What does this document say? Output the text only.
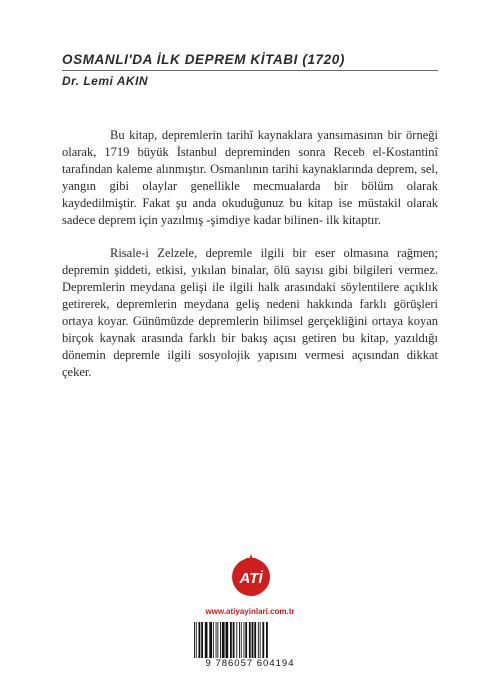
OSMANLI'DA İLK DEPREM KİTABI (1720)
Dr. Lemi AKIN

Bu kitap, depremlerin tarihî kaynaklara yansımasının bir örneği olarak, 1719 büyük İstanbul depreminden sonra Receb el-Kostantinî tarafından kaleme alınmıştır. Osmanlının tarihi kaynaklarında deprem, sel, yangın gibi olaylar genellikle mecmualarda bir bölüm olarak kaydedilmiştir. Fakat şu anda okuduğunuz bu kitap ise müstakil olarak sadece deprem için yazılmış -şimdiye kadar bilinen- ilk kitaptır.

Risale-i Zelzele, depremle ilgili bir eser olmasına rağmen; depremin şiddeti, etkisi, yıkılan binalar, ölü sayısı gibi bilgileri vermez. Depremlerin meydana gelişi ile ilgili halk arasındaki söylentilere açıklık getirerek, depremlerin meydana geliş nedeni hakkında farklı görüşleri ortaya koyar. Günümüzde depremlerin bilimsel gerçekliğini ortaya koyan birçok kaynak arasında farklı bir bakış açısı getiren bu kitap, yazıldığı dönemin depremle ilgili sosyolojik yapısını vermesi açısından dikkat çeker.

ATİ
www.atiyayinlari.com.tr
9 786057 604194
